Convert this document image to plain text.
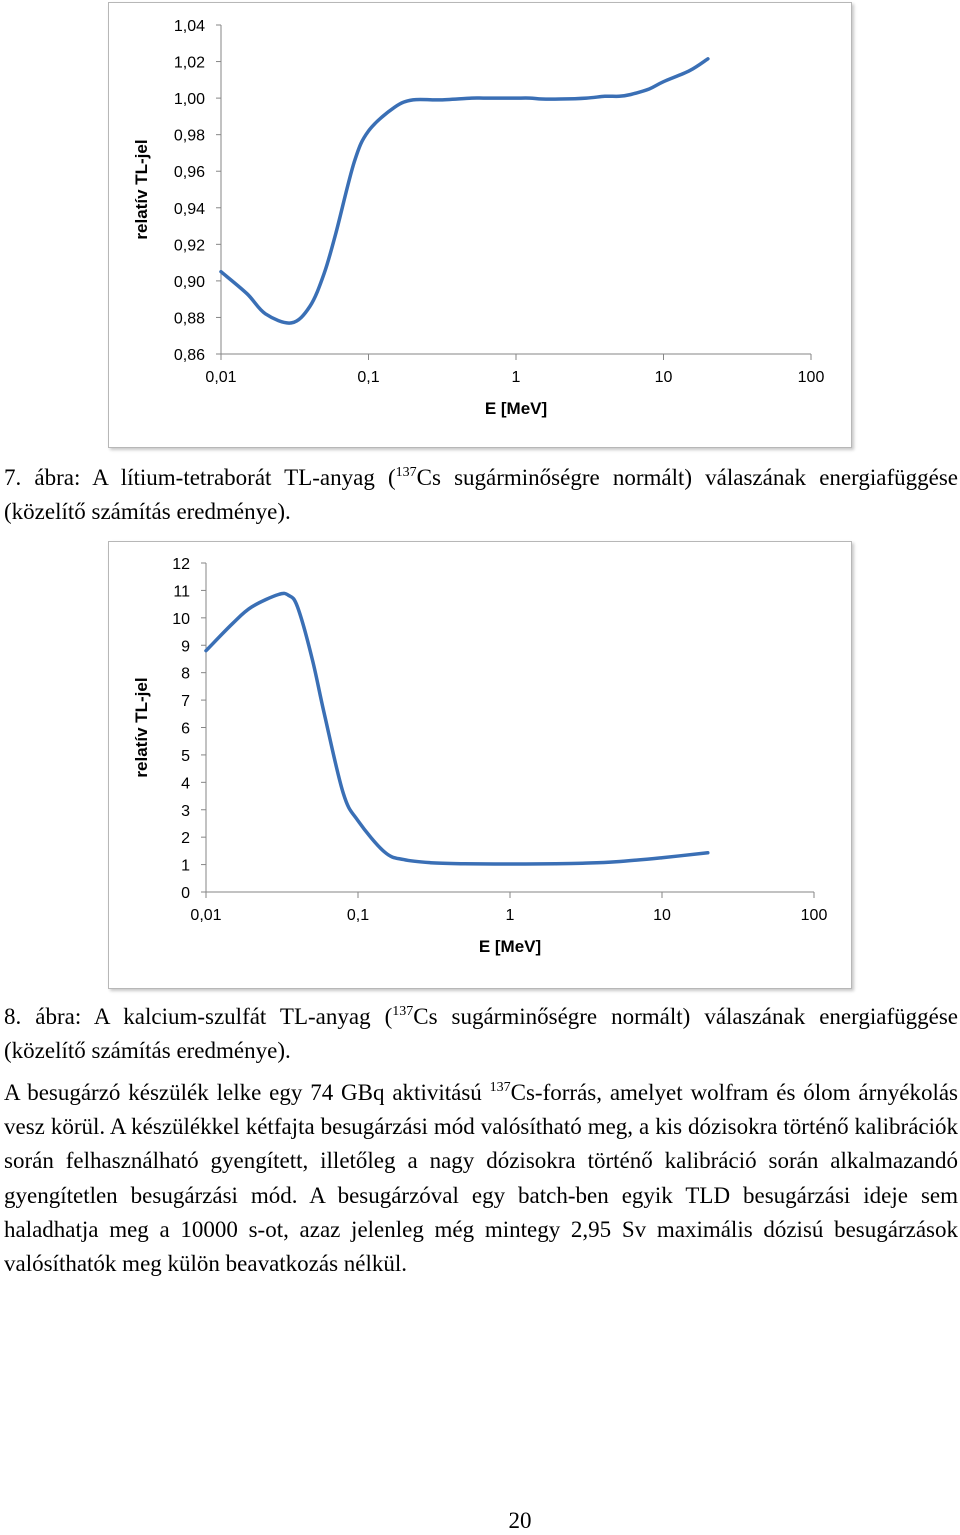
0,86
0,88
0,90
0,92
0,94
0,96
0,98
1,00
1,02
1,04
0,01	0,1	1	10	100
E [MeV]
relatív TL-jel
7. ábra: A lítium-tetraborát TL-anyag ($^{137}$Cs sugárminőségre normált) válaszának energiafüggése (közelítő számítás eredménye).
0
1
2
3
4
5
6
7
8
9
10
11
12
0,01	0,1	1	10	100
E [MeV]
relatív TL-jel
8. ábra: A kalcium-szulfát TL-anyag ($^{137}$Cs sugárminőségre normált) válaszának energiafüggése (közelítő számítás eredménye).
A besugárzó készülék lelke egy 74 GBq aktivitású $^{137}$Cs-forrás, amelyet wolfram és ólom árnyékolás vesz körül. A készülékkel kétfajta besugárzási mód valósítható meg, a kis dózisokra történő kalibrációk során felhasználható gyengített, illetőleg a nagy dózisokra történő kalibráció során alkalmazandó gyengítetlen besugárzási mód. A besugárzóval egy batch-ben egyik TLD besugárzási ideje sem haladhatja meg a 10000 s-ot, azaz jelenleg még mintegy 2,95 Sv maximális dózisú besugárzások valósíthatók meg külön beavatkozás nélkül.
20
